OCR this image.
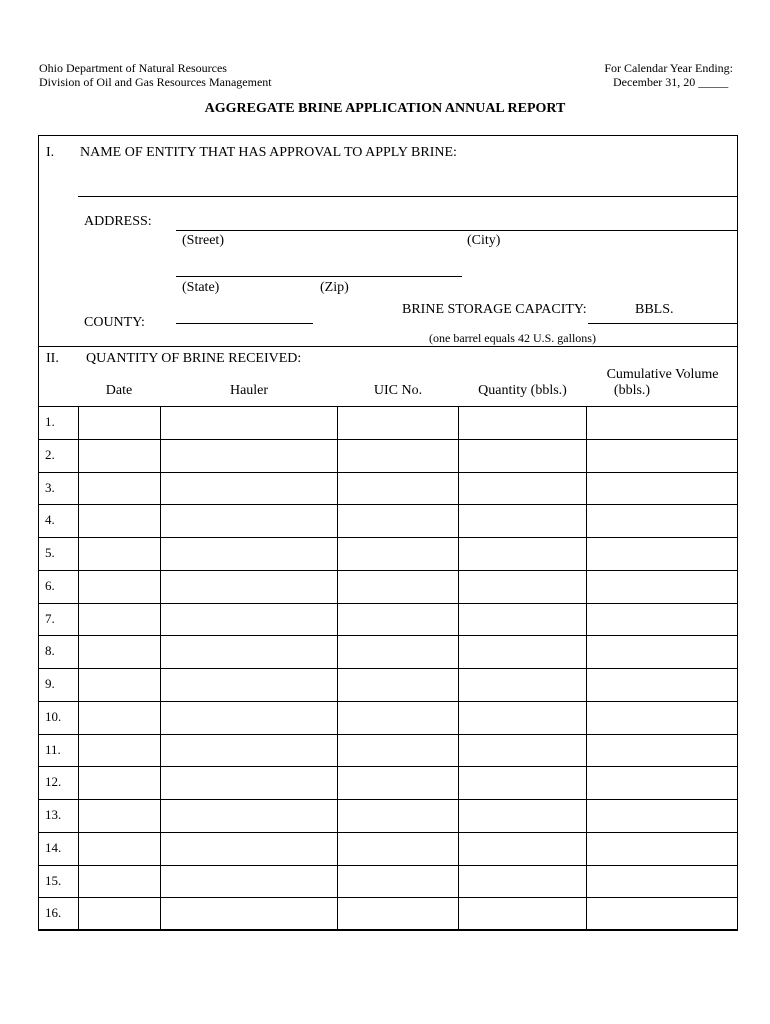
Ohio Department of Natural Resources
Division of Oil and Gas Resources Management
For Calendar Year Ending:
December 31, 20 _____
AGGREGATE BRINE APPLICATION ANNUAL REPORT
I. NAME OF ENTITY THAT HAS APPROVAL TO APPLY BRINE:
ADDRESS:
(Street)	(City)
(State)	(Zip)
BRINE STORAGE CAPACITY:	BBLS.
COUNTY:
(one barrel equals 42 U.S. gallons)
II. QUANTITY OF BRINE RECEIVED:
Date	Hauler	UIC No.	Quantity (bbls.)
Cumulative Volume
(bbls.)
1.
2.
3.
4.
5.
6.
7.
8.
9.
10.
11.
12.
13.
14.
15.
16.
